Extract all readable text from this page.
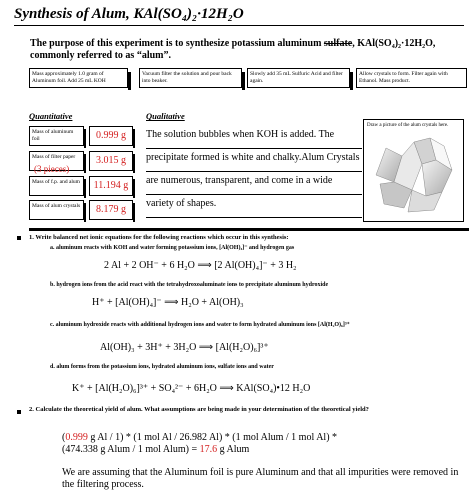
Synthesis of Alum, KAl(SO₄)₂·12H₂O
The purpose of this experiment is to synthesize potassium aluminum sulfate, KAl(SO₄)₂·12H₂O, commonly referred to as “alum”.
Mass approximately 1.0 gram of Aluminum foil. Add 25 mL KOH
Vacuum filter the solution and pour back into beaker.
Slowly add 35 mL Sulfuric Acid and filter again.
Allow crystals to form. Filter again with Ethanol. Mass product.
Quantitative	Qualitative
Mass of aluminum foil	0.999 g
Mass of filter paper	3.015 g
(3 pieces)
Mass of f.p. and alum	11.194 g
Mass of alum crystals	8.179 g
The solution bubbles when KOH is added. The
precipitate formed is white and chalky.Alum Crystals
are numerous, transparent, and come in a wide
variety of shapes.
Draw a picture of the alum crystals here.
1. Write balanced net ionic equations for the following reactions which occur in this synthesis:
a. aluminum reacts with KOH and water forming potassium ions, [Al(OH)₄]⁻ and hydrogen gas
2 Al + 2 OH⁻ + 6 H₂O ⟹ [2 Al(OH)₄]⁻ + 3 H₂
b. hydrogen ions from the acid react with the tetrahydroxoaluminate ions to precipitate aluminum hydroxide
H⁺ + [Al(OH)₄]⁻ ⟹ H₂O + Al(OH)₃
c. aluminum hydroxide reacts with additional hydrogen ions and water to form hydrated aluminum ions [Al(H₂O)₆]³⁺
Al(OH)₃ + 3H⁺ + 3H₂O ⟹ [Al(H₂O)₆]³⁺
d. alum forms from the potassium ions, hydrated aluminum ions, sulfate ions and water
K⁺ + [Al(H₂O)₆]³⁺ + SO₄²⁻ + 6H₂O ⟹ KAl(SO₄)•12 H₂O
2. Calculate the theoretical yield of alum. What assumptions are being made in your determination of the theoretical yield?
(0.999 g Al / 1) * (1 mol Al / 26.982 Al) * (1 mol Alum / 1 mol Al) *
(474.338 g Alum / 1 mol Alum) = 17.6 g Alum
We are assuming that the Aluminum foil is pure Aluminum and that all impurities were removed in the filtering process.
